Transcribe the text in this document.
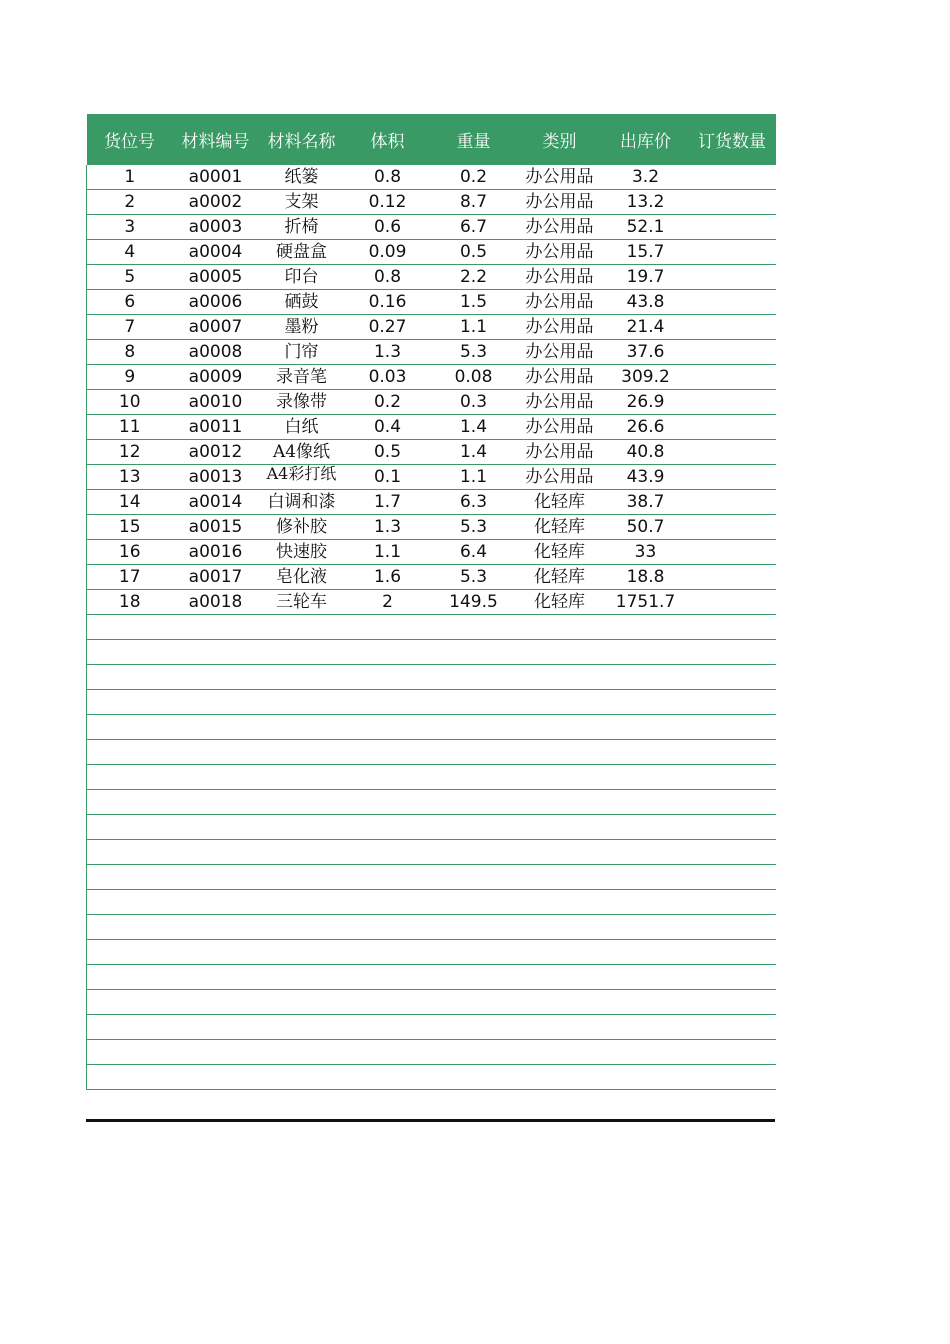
货位号	材料编号	材料名称	体积	重量	类别	出库价	订货数量
1	a0001	纸篓	0.8	0.2	办公用品	3.2	
2	a0002	支架	0.12	8.7	办公用品	13.2	
3	a0003	折椅	0.6	6.7	办公用品	52.1	
4	a0004	硬盘盒	0.09	0.5	办公用品	15.7	
5	a0005	印台	0.8	2.2	办公用品	19.7	
6	a0006	硒鼓	0.16	1.5	办公用品	43.8	
7	a0007	墨粉	0.27	1.1	办公用品	21.4	
8	a0008	门帘	1.3	5.3	办公用品	37.6	
9	a0009	录音笔	0.03	0.08	办公用品	309.2	
10	a0010	录像带	0.2	0.3	办公用品	26.9	
11	a0011	白纸	0.4	1.4	办公用品	26.6	
12	a0012	A4像纸	0.5	1.4	办公用品	40.8	
13	a0013	A4彩打纸	0.1	1.1	办公用品	43.9	
14	a0014	白调和漆	1.7	6.3	化轻库	38.7	
15	a0015	修补胶	1.3	5.3	化轻库	50.7	
16	a0016	快速胶	1.1	6.4	化轻库	33	
17	a0017	皂化液	1.6	5.3	化轻库	18.8	
18	a0018	三轮车	2	149.5	化轻库	1751.7	
